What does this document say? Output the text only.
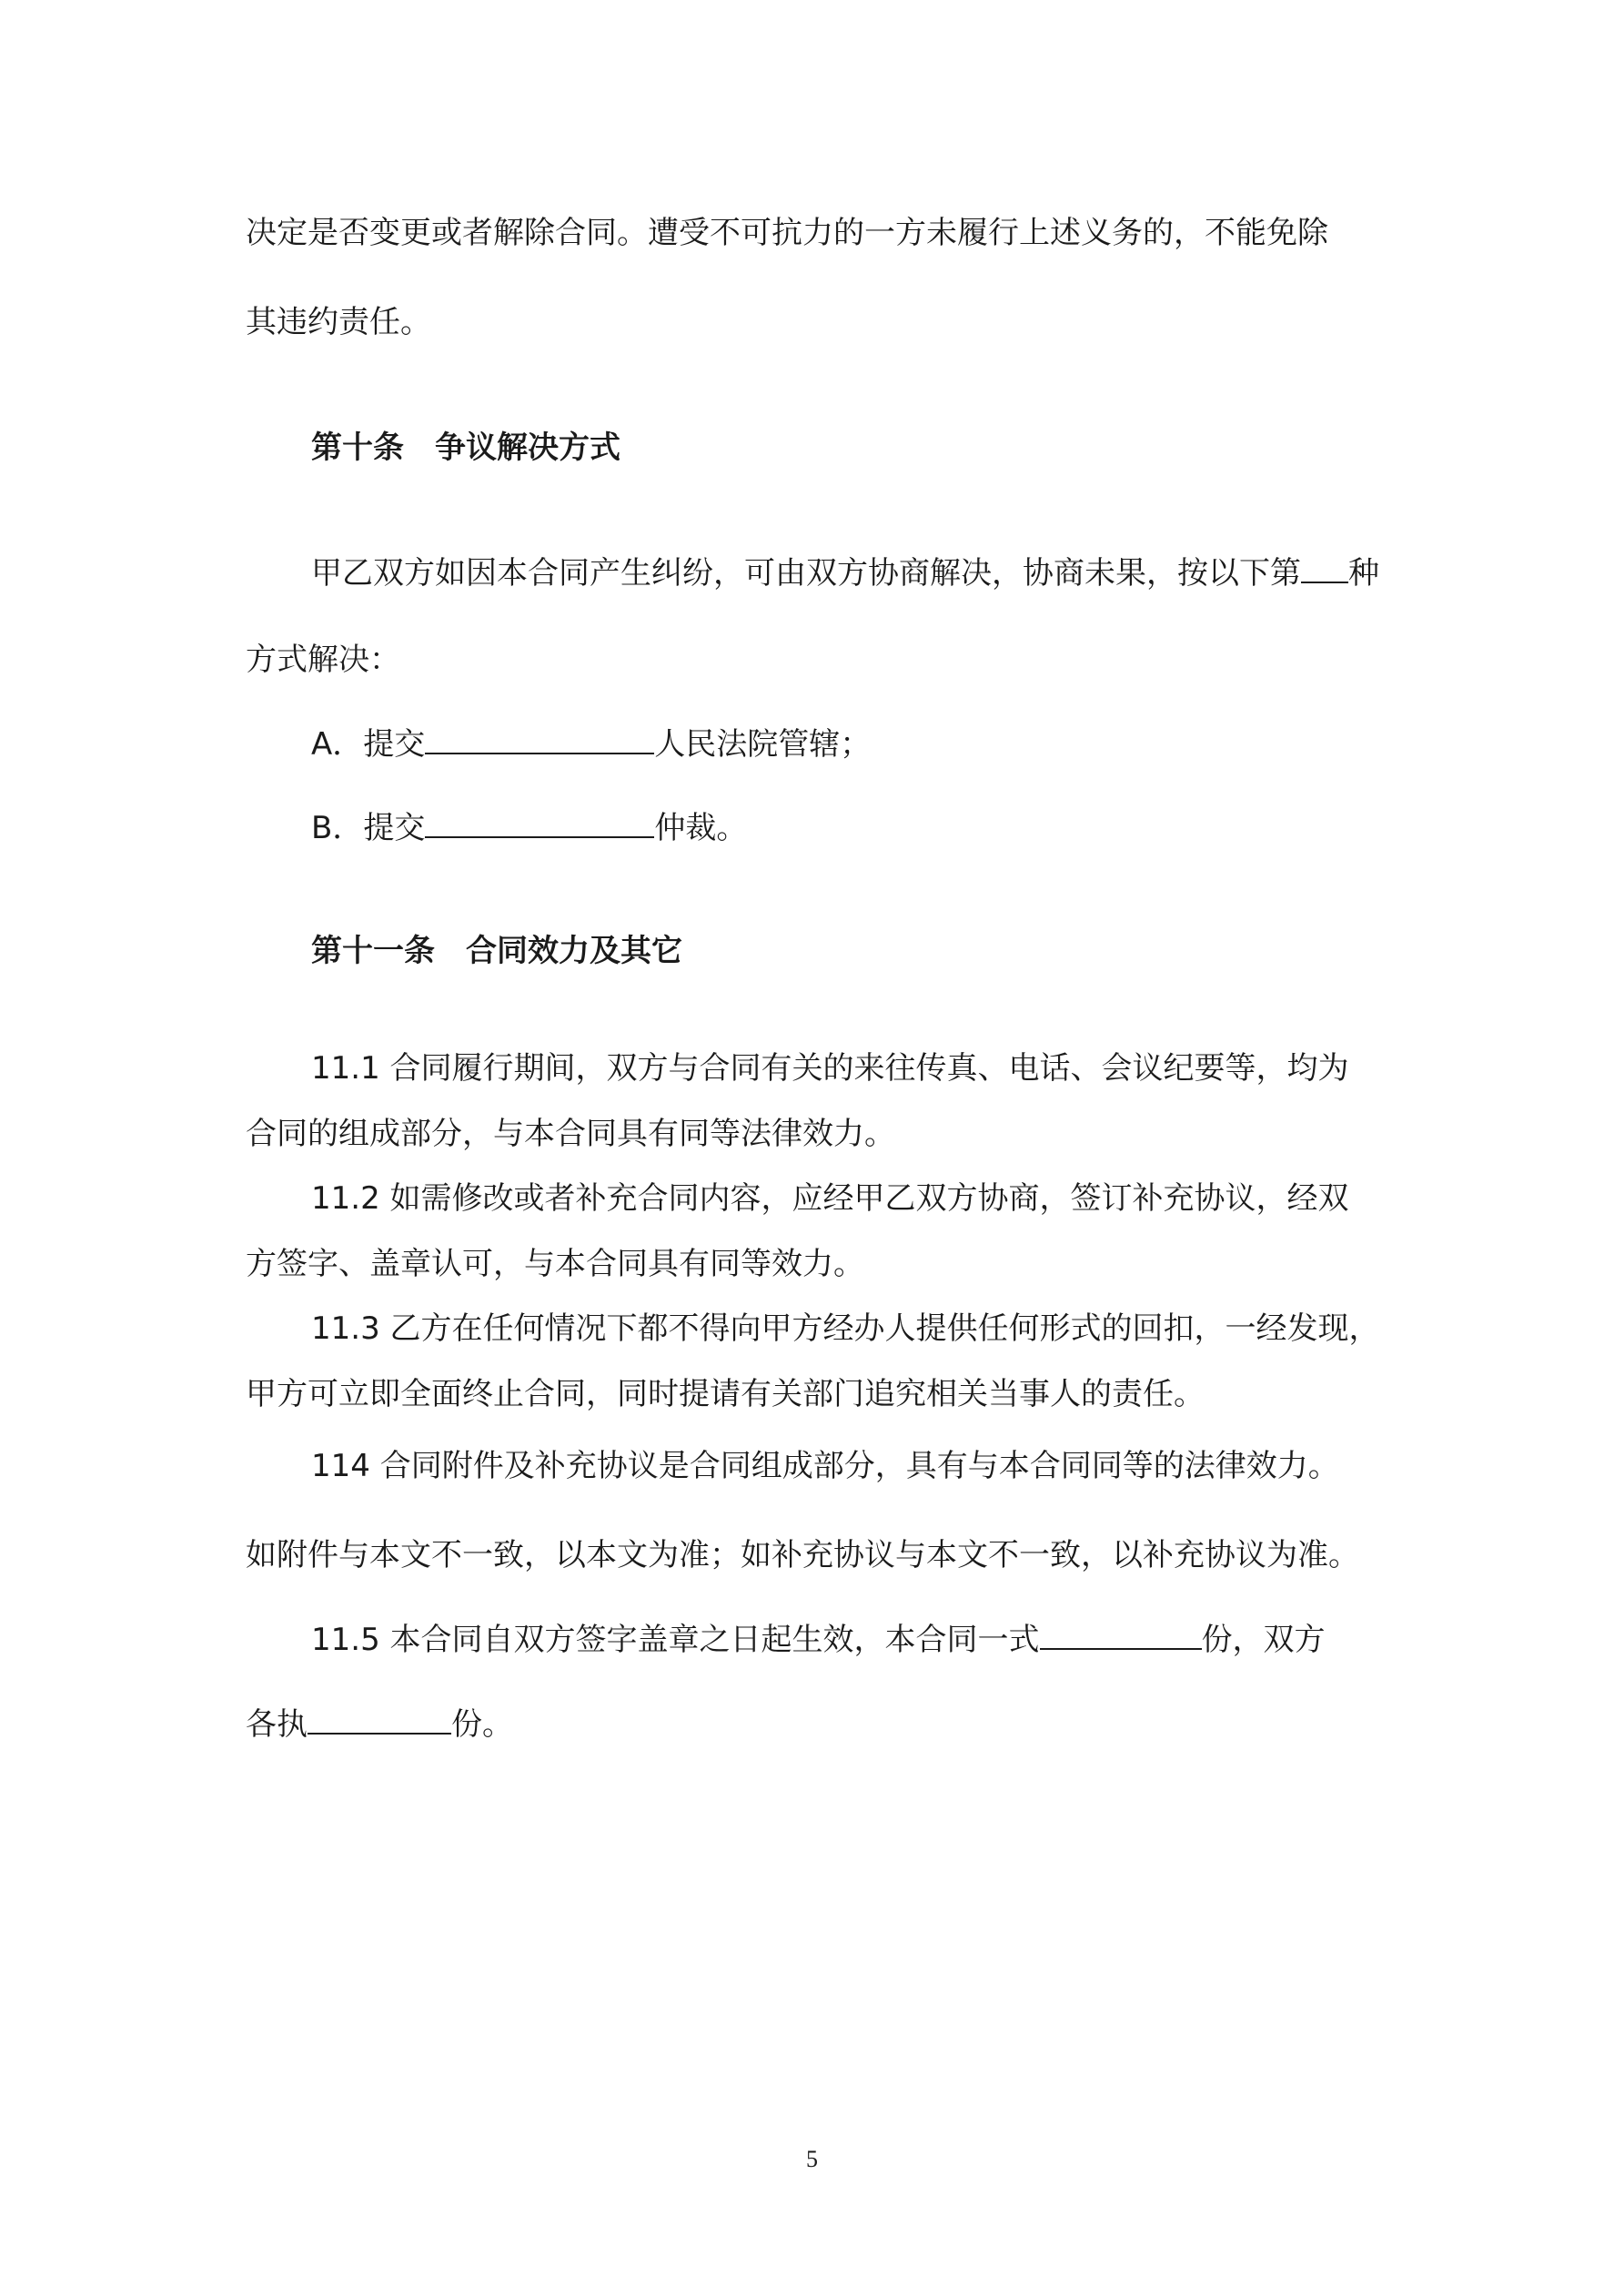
决定是否变更或者解除合同。遭受不可抗力的一方未履行上述义务的，不能免除
其违约责任。
第十条　争议解决方式
甲乙双方如因本合同产生纠纷，可由双方协商解决，协商未果，按以下第 种
方式解决：
A．提交	人民法院管辖；
B．提交	仲裁。
第十一条　合同效力及其它
11.1 合同履行期间，双方与合同有关的来往传真、电话、会议纪要等，均为
合同的组成部分，与本合同具有同等法律效力。
11.2 如需修改或者补充合同内容，应经甲乙双方协商，签订补充协议，经双
方签字、盖章认可，与本合同具有同等效力。
11.3 乙方在任何情况下都不得向甲方经办人提供任何形式的回扣，一经发现，
甲方可立即全面终止合同，同时提请有关部门追究相关当事人的责任。
114 合同附件及补充协议是合同组成部分，具有与本合同同等的法律效力。
如附件与本文不一致，以本文为准；如补充协议与本文不一致，以补充协议为准。
11.5 本合同自双方签字盖章之日起生效，本合同一式	份，双方
各执	份。
5
